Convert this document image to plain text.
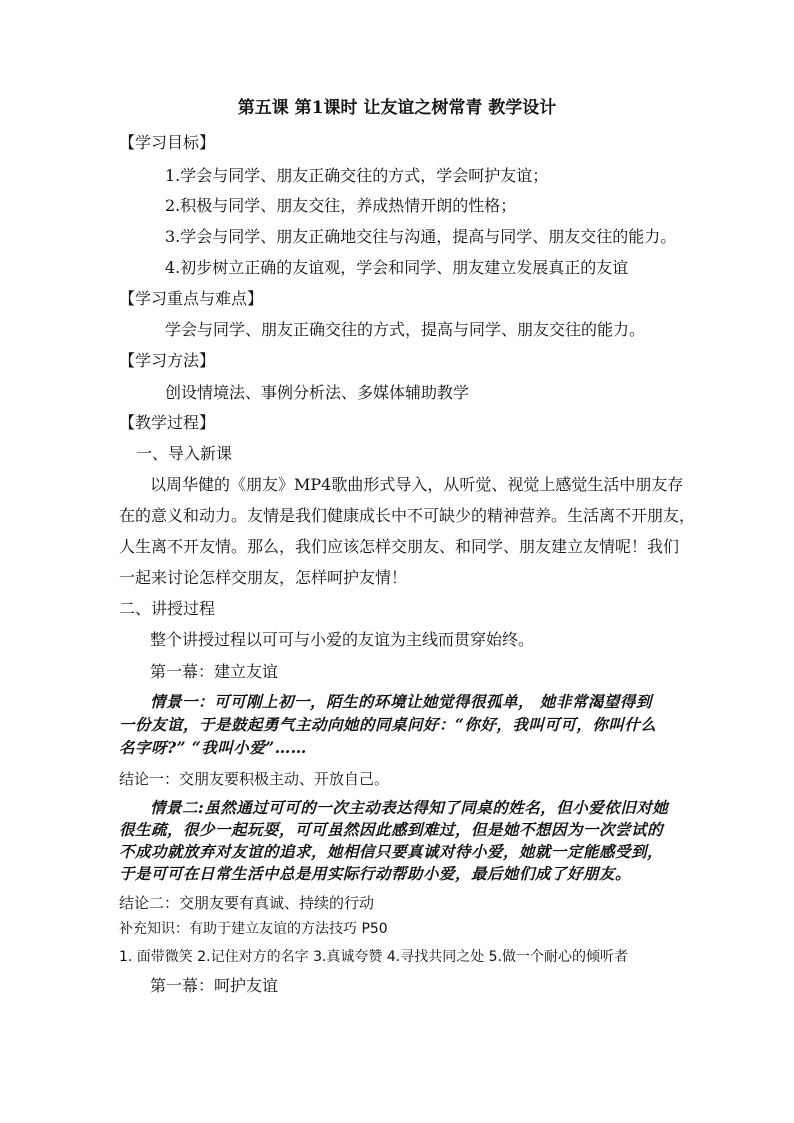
第五课 第1课时 让友谊之树常青 教学设计
【学习目标】
1.学会与同学、朋友正确交往的方式，学会呵护友谊；
2.积极与同学、朋友交往，养成热情开朗的性格；
3.学会与同学、朋友正确地交往与沟通，提高与同学、朋友交往的能力。
4.初步树立正确的友谊观，学会和同学、朋友建立发展真正的友谊
【学习重点与难点】
学会与同学、朋友正确交往的方式，提高与同学、朋友交往的能力。
【学习方法】
创设情境法、事例分析法、多媒体辅助教学
【教学过程】
一、导入新课
以周华健的《朋友》MP4歌曲形式导入，从听觉、视觉上感觉生活中朋友存
在的意义和动力。友情是我们健康成长中不可缺少的精神营养。生活离不开朋友，
人生离不开友情。那么，我们应该怎样交朋友、和同学、朋友建立友情呢！我们
一起来讨论怎样交朋友，怎样呵护友情！
二、讲授过程
整个讲授过程以可可与小爱的友谊为主线而贯穿始终。
第一幕：建立友谊
情景一：可可刚上初一，陌生的环境让她觉得很孤单， 她非常渴望得到
一份友谊，于是鼓起勇气主动向她的同桌问好：“你好，我叫可可，你叫什么
名字呀?” “我叫小爱”……
结论一：交朋友要积极主动、开放自己。
情景二:虽然通过可可的一次主动表达得知了同桌的姓名，但小爱依旧对她
很生疏，很少一起玩耍，可可虽然因此感到难过，但是她不想因为一次尝试的
不成功就放弃对友谊的追求，她相信只要真诚对待小爱，她就一定能感受到，
于是可可在日常生活中总是用实际行动帮助小爱，最后她们成了好朋友。
结论二：交朋友要有真诚、持续的行动
补充知识：有助于建立友谊的方法技巧 P50
1. 面带微笑 2.记住对方的名字 3.真诚夸赞 4.寻找共同之处 5.做一个耐心的倾听者
第一幕：呵护友谊
